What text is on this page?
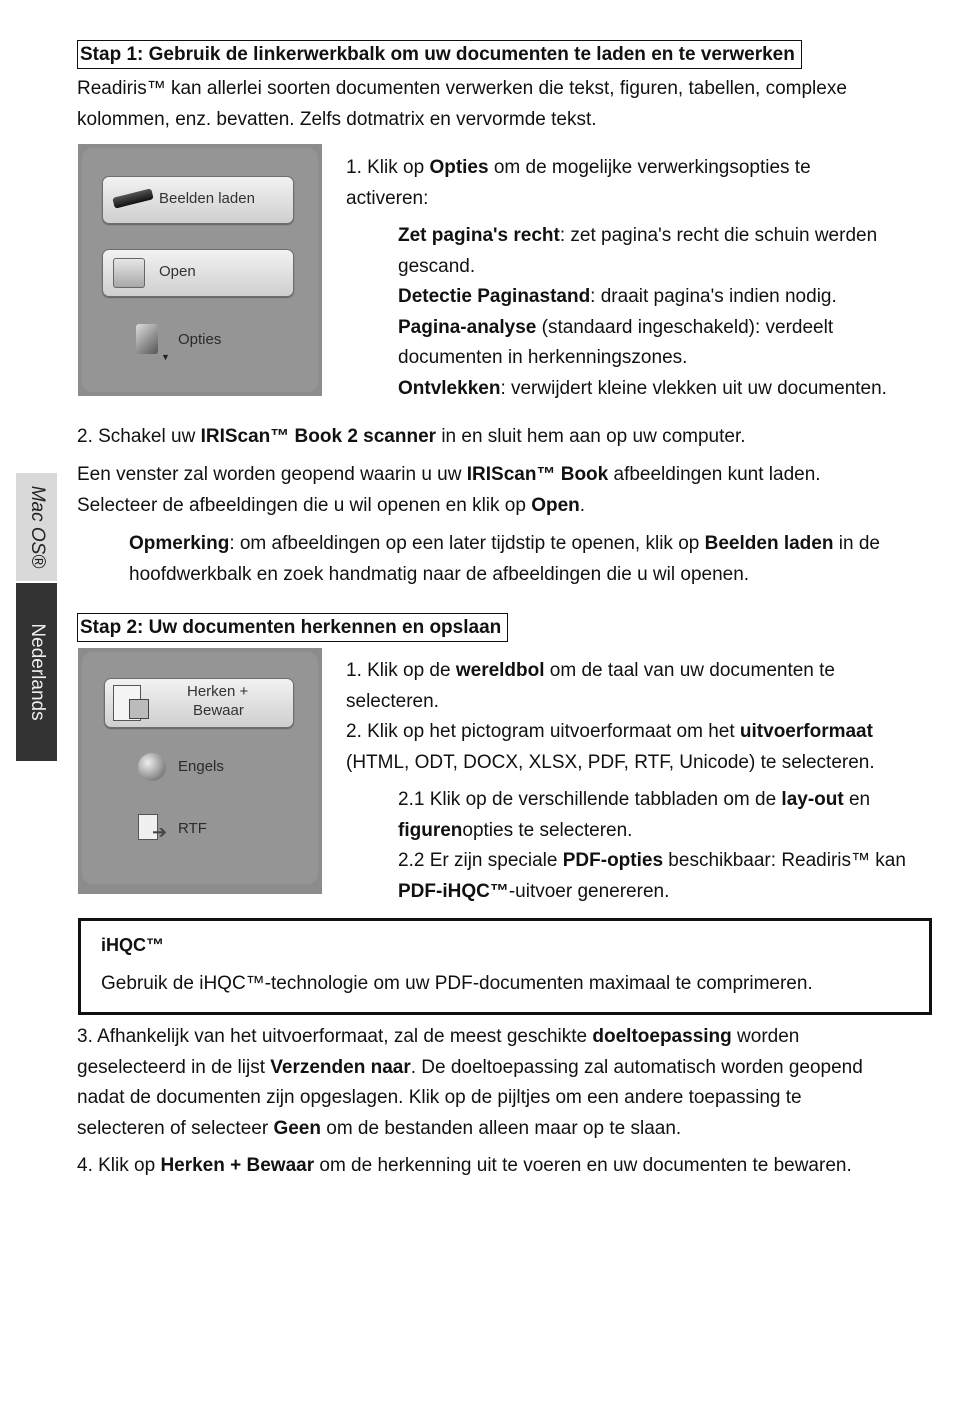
Mac OS®
Nederlands
Stap 1: Gebruik de linkerwerkbalk om uw documenten te laden en te verwerken
Readiris™ kan allerlei soorten documenten verwerken die tekst, figuren, tabellen, complexe
kolommen, enz. bevatten. Zelfs dotmatrix en vervormde tekst.
Beelden laden
Open
▼
Opties
1. Klik op Opties om de mogelijke verwerkingsopties te
activeren:
Zet pagina's recht: zet pagina's recht die schuin werden
gescand.
Detectie Paginastand: draait pagina's indien nodig.
Pagina-analyse (standaard ingeschakeld): verdeelt
documenten in herkenningszones.
Ontvlekken: verwijdert kleine vlekken uit uw documenten.
2. Schakel uw IRIScan™ Book 2 scanner in en sluit hem aan op uw computer.
Een venster zal worden geopend waarin u uw IRIScan™ Book afbeeldingen kunt laden.
Selecteer de afbeeldingen die u wil openen en klik op Open.
Opmerking: om afbeeldingen op een later tijdstip te openen, klik op Beelden laden in de
hoofdwerkbalk en zoek handmatig naar de afbeeldingen die u wil openen.
Stap 2: Uw documenten herkennen en opslaan
Herken +
Bewaar
Engels
➔ RTF
1. Klik op de wereldbol om de taal van uw documenten te
selecteren.
2. Klik op het pictogram uitvoerformaat om het uitvoerformaat
(HTML, ODT, DOCX, XLSX, PDF, RTF, Unicode) te selecteren.
2.1 Klik op de verschillende tabbladen om de lay-out en
figurenopties te selecteren.
2.2 Er zijn speciale PDF-opties beschikbaar: Readiris™ kan
PDF-iHQC™-uitvoer genereren.
iHQC™
Gebruik de iHQC™-technologie om uw PDF-documenten maximaal te comprimeren.
3. Afhankelijk van het uitvoerformaat, zal de meest geschikte doeltoepassing worden
geselecteerd in de lijst Verzenden naar. De doeltoepassing zal automatisch worden geopend
nadat de documenten zijn opgeslagen. Klik op de pijltjes om een andere toepassing te
selecteren of selecteer Geen om de bestanden alleen maar op te slaan.
4. Klik op Herken + Bewaar om de herkenning uit te voeren en uw documenten te bewaren.
